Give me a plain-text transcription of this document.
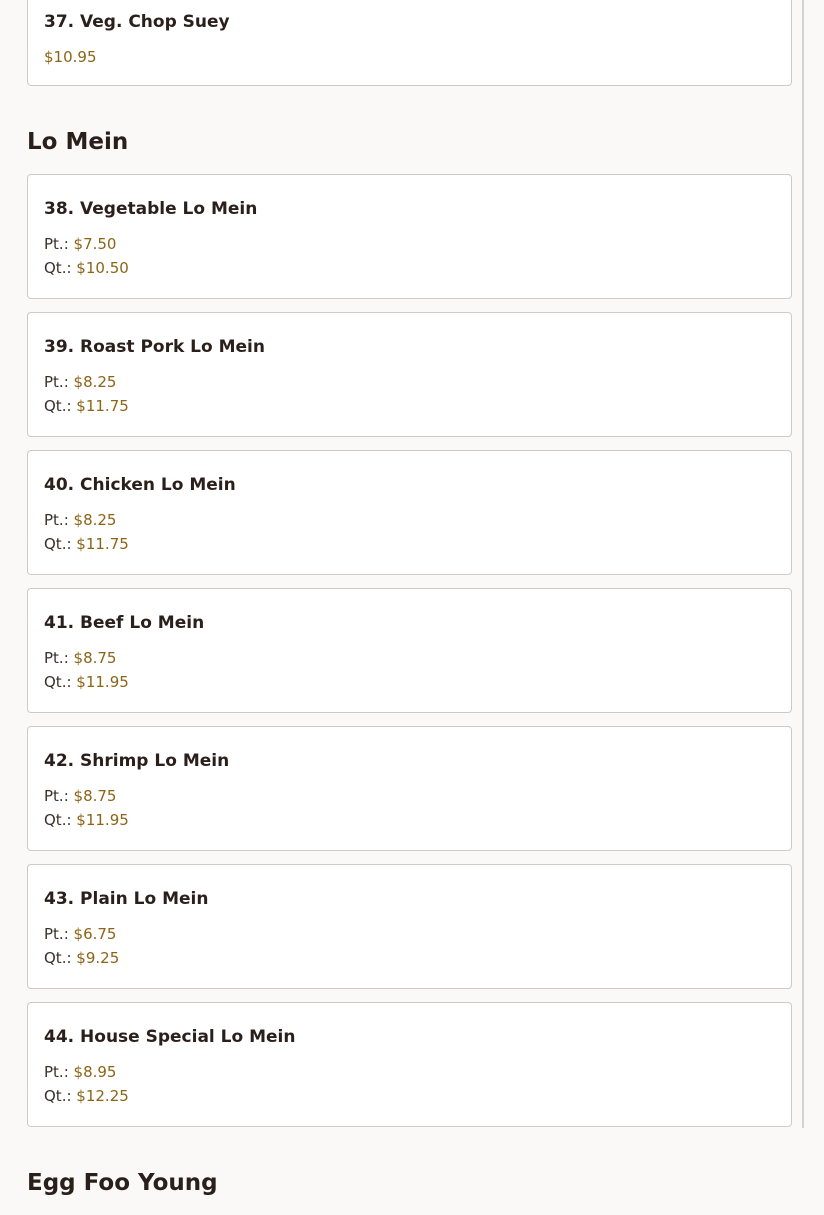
37. Veg. Chop Suey
$10.95
Lo Mein
38. Vegetable Lo Mein
Pt.: $7.50
Qt.: $10.50
39. Roast Pork Lo Mein
Pt.: $8.25
Qt.: $11.75
40. Chicken Lo Mein
Pt.: $8.25
Qt.: $11.75
41. Beef Lo Mein
Pt.: $8.75
Qt.: $11.95
42. Shrimp Lo Mein
Pt.: $8.75
Qt.: $11.95
43. Plain Lo Mein
Pt.: $6.75
Qt.: $9.25
44. House Special Lo Mein
Pt.: $8.95
Qt.: $12.25
Egg Foo Young
